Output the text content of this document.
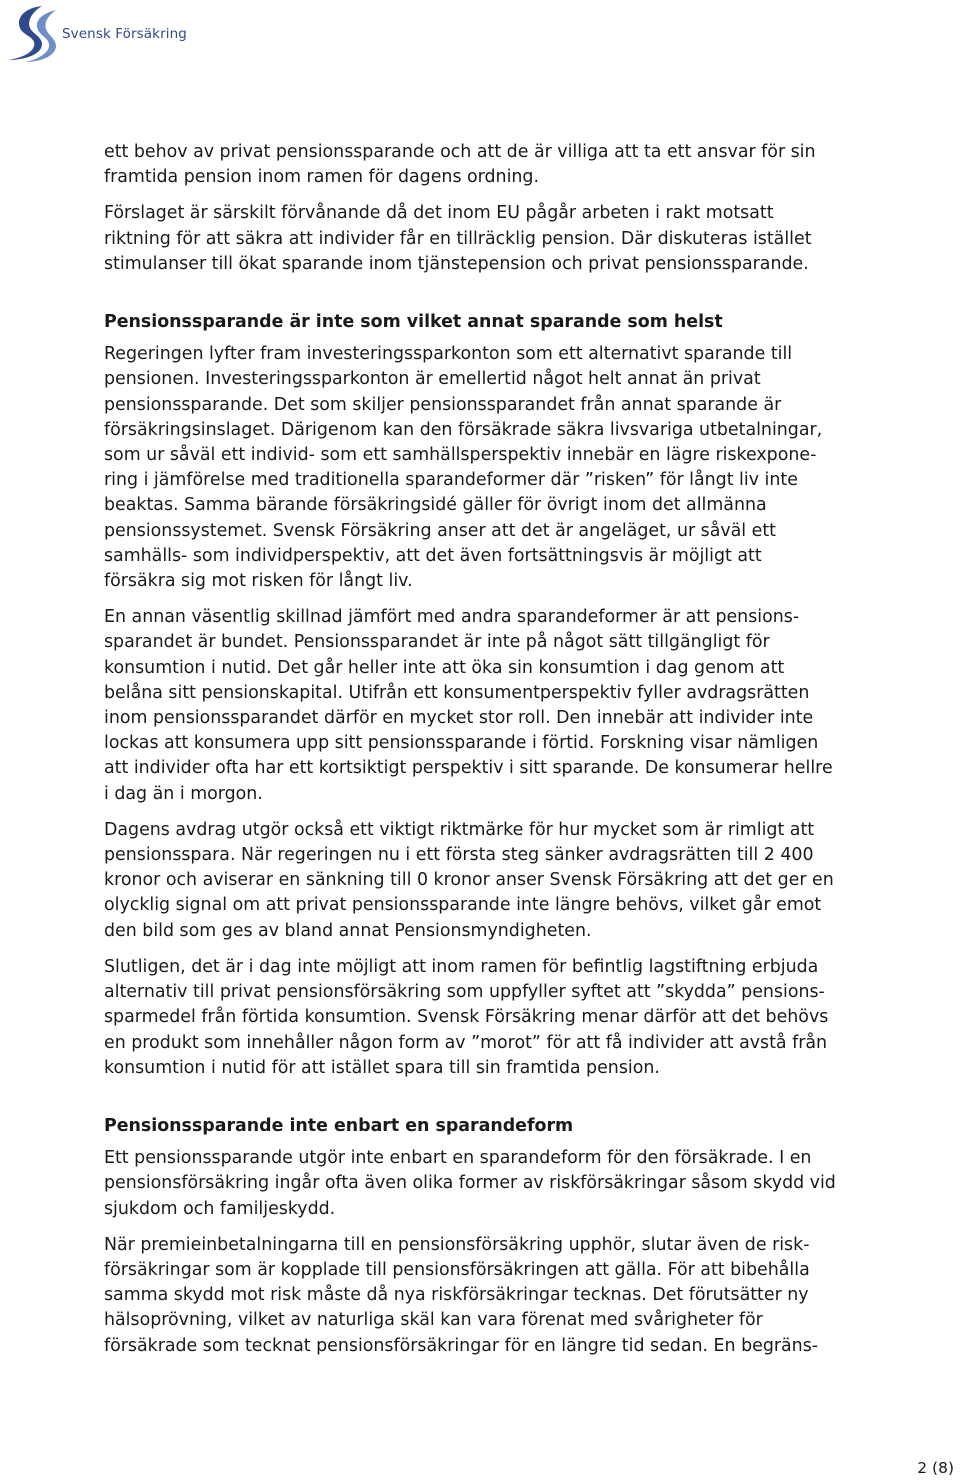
Svensk Försäkring

ett behov av privat pensionssparande och att de är villiga att ta ett ansvar för sin
framtida pension inom ramen för dagens ordning.

Förslaget är särskilt förvånande då det inom EU pågår arbeten i rakt motsatt
riktning för att säkra att individer får en tillräcklig pension. Där diskuteras istället
stimulanser till ökat sparande inom tjänstepension och privat pensionssparande.

Pensionssparande är inte som vilket annat sparande som helst

Regeringen lyfter fram investeringssparkonton som ett alternativt sparande till
pensionen. Investeringssparkonton är emellertid något helt annat än privat
pensionssparande. Det som skiljer pensionssparandet från annat sparande är
försäkringsinslaget. Därigenom kan den försäkrade säkra livsvariga utbetalningar,
som ur såväl ett individ- som ett samhällsperspektiv innebär en lägre riskexpone-
ring i jämförelse med traditionella sparandeformer där ”risken” för långt liv inte
beaktas. Samma bärande försäkringsidé gäller för övrigt inom det allmänna
pensionssystemet. Svensk Försäkring anser att det är angeläget, ur såväl ett
samhälls- som individperspektiv, att det även fortsättningsvis är möjligt att
försäkra sig mot risken för långt liv.

En annan väsentlig skillnad jämfört med andra sparandeformer är att pensions-
sparandet är bundet. Pensionssparandet är inte på något sätt tillgängligt för
konsumtion i nutid. Det går heller inte att öka sin konsumtion i dag genom att
belåna sitt pensionskapital. Utifrån ett konsumentperspektiv fyller avdragsrätten
inom pensionssparandet därför en mycket stor roll. Den innebär att individer inte
lockas att konsumera upp sitt pensionssparande i förtid. Forskning visar nämligen
att individer ofta har ett kortsiktigt perspektiv i sitt sparande. De konsumerar hellre
i dag än i morgon.

Dagens avdrag utgör också ett viktigt riktmärke för hur mycket som är rimligt att
pensionsspara. När regeringen nu i ett första steg sänker avdragsrätten till 2 400
kronor och aviserar en sänkning till 0 kronor anser Svensk Försäkring att det ger en
olycklig signal om att privat pensionssparande inte längre behövs, vilket går emot
den bild som ges av bland annat Pensionsmyndigheten.

Slutligen, det är i dag inte möjligt att inom ramen för befintlig lagstiftning erbjuda
alternativ till privat pensionsförsäkring som uppfyller syftet att ”skydda” pensions-
sparmedel från förtida konsumtion. Svensk Försäkring menar därför att det behövs
en produkt som innehåller någon form av ”morot” för att få individer att avstå från
konsumtion i nutid för att istället spara till sin framtida pension.

Pensionssparande inte enbart en sparandeform

Ett pensionssparande utgör inte enbart en sparandeform för den försäkrade. I en
pensionsförsäkring ingår ofta även olika former av riskförsäkringar såsom skydd vid
sjukdom och familjeskydd.

När premieinbetalningarna till en pensionsförsäkring upphör, slutar även de risk-
försäkringar som är kopplade till pensionsförsäkringen att gälla. För att bibehålla
samma skydd mot risk måste då nya riskförsäkringar tecknas. Det förutsätter ny
hälsoprövning, vilket av naturliga skäl kan vara förenat med svårigheter för
försäkrade som tecknat pensionsförsäkringar för en längre tid sedan. En begräns-

2 (8)
